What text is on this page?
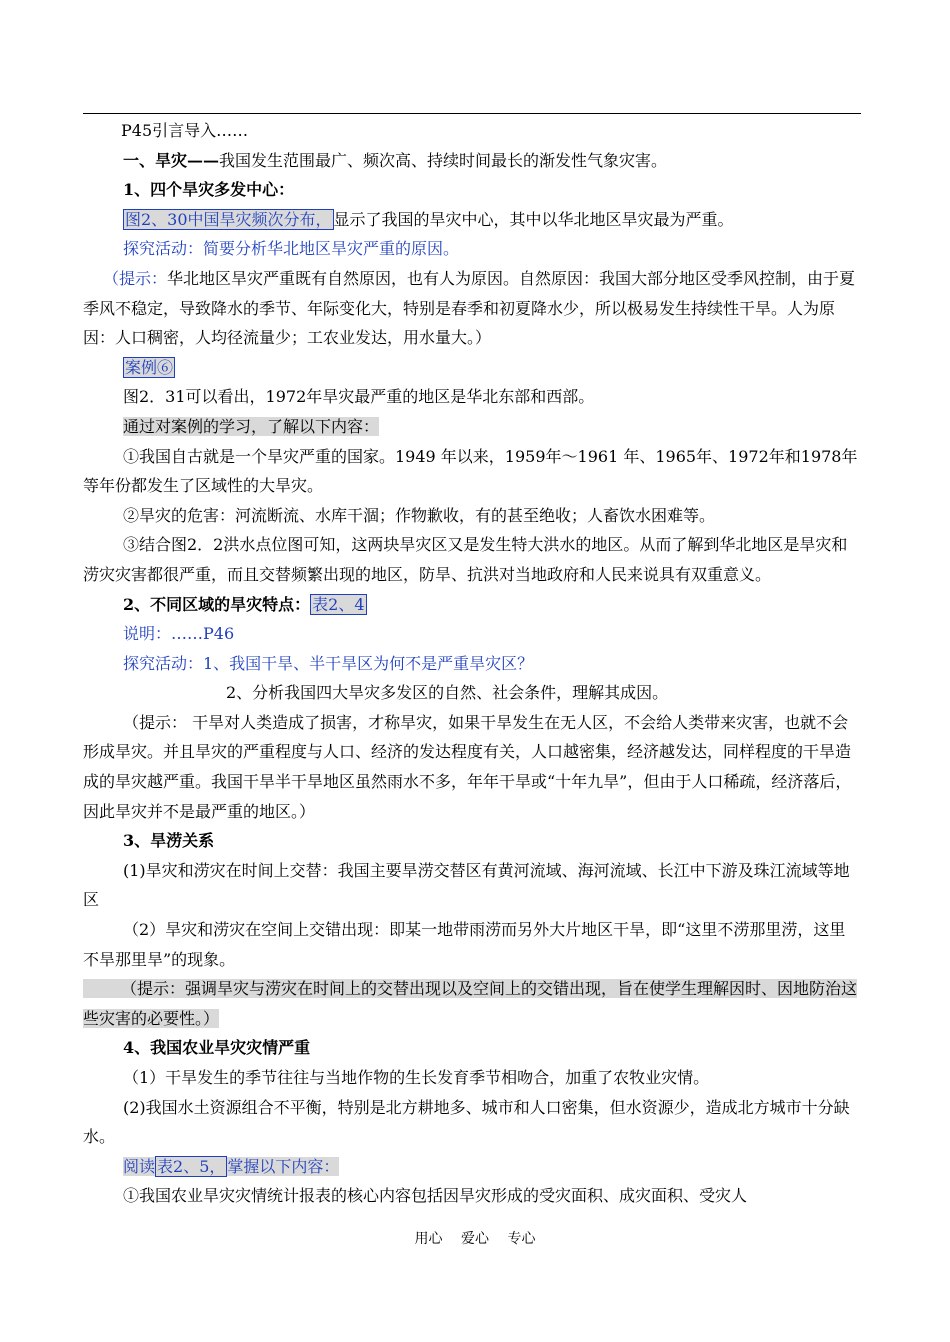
P45引言导入……

一、旱灾——我国发生范围最广、频次高、持续时间最长的渐发性气象灾害。

1、四个旱灾多发中心：

图2、30中国旱灾频次分布， 显示了我国的旱灾中心，其中以华北地区旱灾最为严重。

探究活动：简要分析华北地区旱灾严重的原因。

（提示：华北地区旱灾严重既有自然原因，也有人为原因。自然原因：我国大部分地区受季风控制，由于夏季风不稳定，导致降水的季节、年际变化大，特别是春季和初夏降水少，所以极易发生持续性干旱。人为原因：人口稠密，人均径流量少；工农业发达，用水量大。）

案例⑥

图2．31可以看出，1972年旱灾最严重的地区是华北东部和西部。

通过对案例的学习，了解以下内容：

①我国自古就是一个旱灾严重的国家。1949 年以来，1959年～1961 年、1965年、1972年和1978年等年份都发生了区域性的大旱灾。

②旱灾的危害：河流断流、水库干涸；作物歉收，有的甚至绝收；人畜饮水困难等。

③结合图2．2洪水点位图可知，这两块旱灾区又是发生特大洪水的地区。从而了解到华北地区是旱灾和涝灾灾害都很严重，而且交替频繁出现的地区，防旱、抗洪对当地政府和人民来说具有双重意义。

2、不同区域的旱灾特点： 表2、4

说明：……P46

探究活动：1、我国干旱、半干旱区为何不是严重旱灾区？

2、分析我国四大旱灾多发区的自然、社会条件，理解其成因。

（提示： 干旱对人类造成了损害，才称旱灾，如果干旱发生在无人区，不会给人类带来灾害，也就不会形成旱灾。并且旱灾的严重程度与人口、经济的发达程度有关，人口越密集，经济越发达，同样程度的干旱造成的旱灾越严重。我国干旱半干旱地区虽然雨水不多，年年干旱或“十年九旱”，但由于人口稀疏，经济落后，因此旱灾并不是最严重的地区。）

3、旱涝关系

(1)旱灾和涝灾在时间上交替：我国主要旱涝交替区有黄河流域、海河流域、长江中下游及珠江流域等地区

（2）旱灾和涝灾在空间上交错出现：即某一地带雨涝而另外大片地区干旱，即“这里不涝那里涝，这里不旱那里旱”的现象。

（提示：强调旱灾与涝灾在时间上的交替出现以及空间上的交错出现，旨在使学生理解因时、因地防治这些灾害的必要性。）

4、我国农业旱灾灾情严重

（1）干旱发生的季节往往与当地作物的生长发育季节相吻合，加重了农牧业灾情。

(2)我国水土资源组合不平衡，特别是北方耕地多、城市和人口密集，但水资源少，造成北方城市十分缺水。

阅读 表2、5， 掌握以下内容：

①我国农业旱灾灾情统计报表的核心内容包括因旱灾形成的受灾面积、成灾面积、受灾人

用心 爱心 专心
